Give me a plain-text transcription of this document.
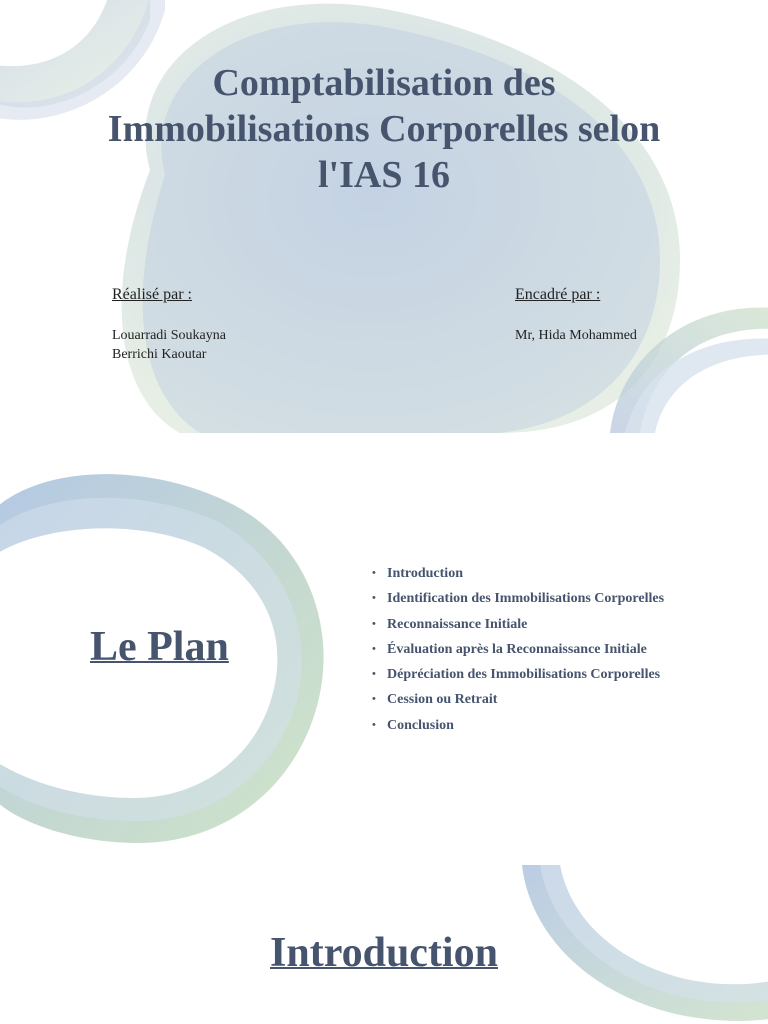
Comptabilisation des
Immobilisations Corporelles selon
l'IAS 16
Réalisé par :
Louarradi Soukayna
Berrichi Kaoutar
Encadré par :
Mr, Hida Mohammed
Le Plan
• Introduction
• Identification des Immobilisations Corporelles
• Reconnaissance Initiale
• Évaluation après la Reconnaissance Initiale
• Dépréciation des Immobilisations Corporelles
• Cession ou Retrait
• Conclusion
Introduction
